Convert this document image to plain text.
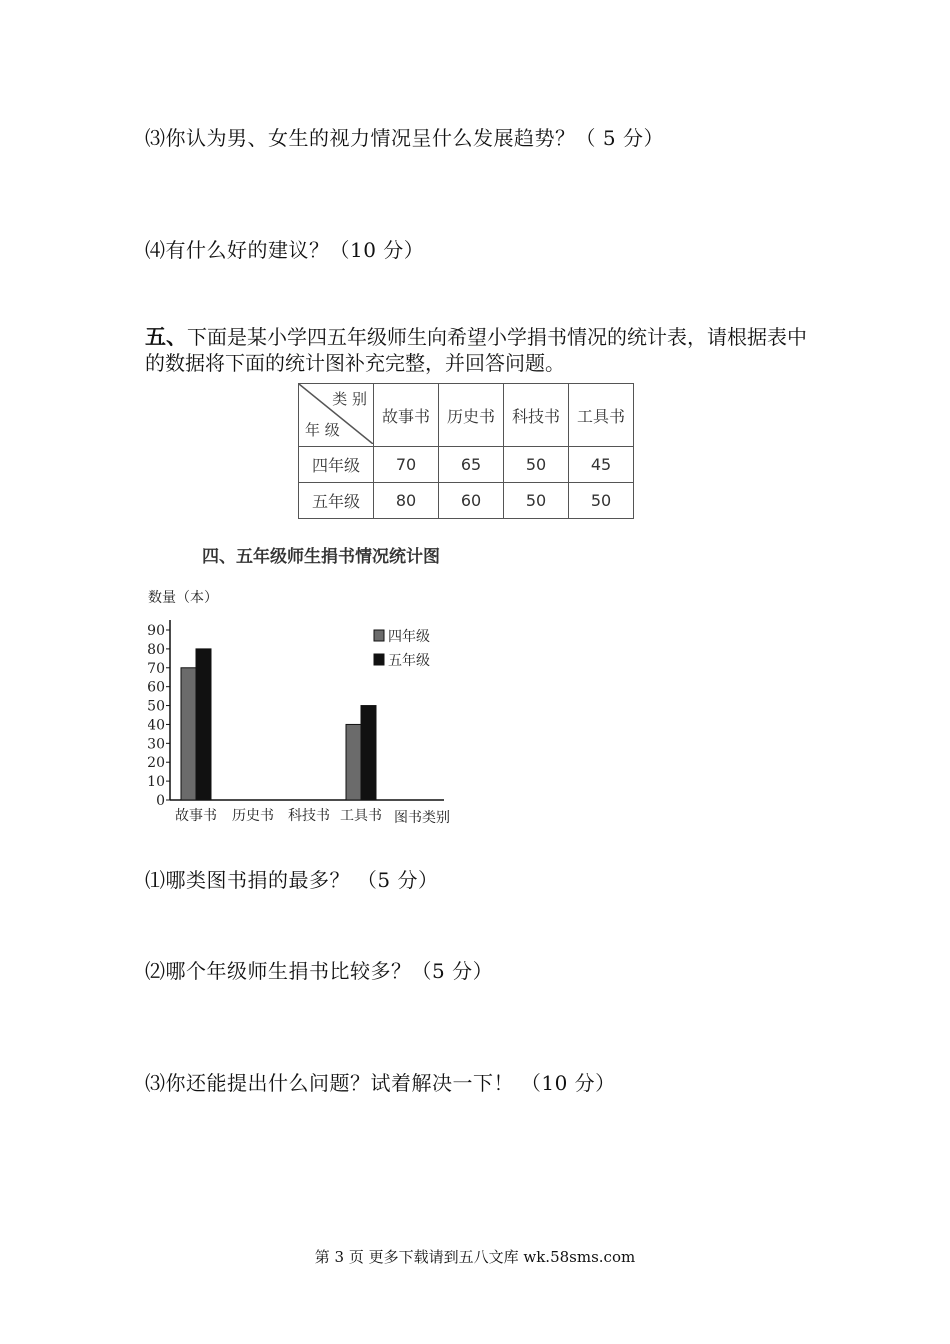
⑶你认为男、女生的视力情况呈什么发展趋势？（ 5 分）
⑷有什么好的建议？（10 分）
五、下面是某小学四五年级师生向希望小学捐书情况的统计表，请根据表中的数据将下面的统计图补充完整，并回答问题。
类 别
年 级	故事书	历史书	科技书	工具书
四年级	70	65	50	45
五年级	80	60	50	50
四、五年级师生捐书情况统计图
数量（本）
0
10
20
30
40
50
60
70
80
90
故事书 历史书 科技书 工具书 图书类别
四年级
五年级
⑴哪类图书捐的最多？ （5 分）
⑵哪个年级师生捐书比较多？（5 分）
⑶你还能提出什么问题？试着解决一下！ （10 分）
第 3 页 更多下载请到五八文库 wk.58sms.com
